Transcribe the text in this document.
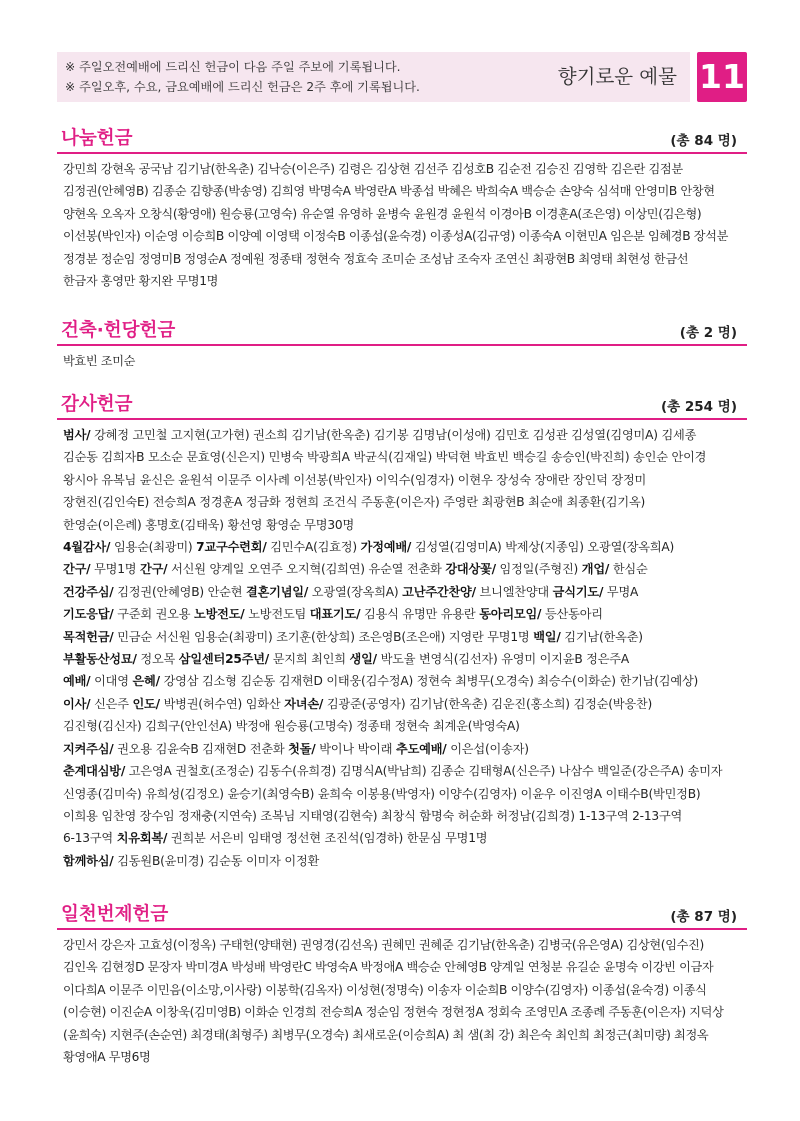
※ 주일오전예배에 드리신 헌금이 다음 주일 주보에 기록됩니다.
※ 주일오후, 수요, 금요예배에 드리신 헌금은 2주 후에 기록됩니다.	향기로운 예물 11
나눔헌금	(총 84 명)
강민희 강현옥 공국남 김기남(한옥춘) 김낙승(이은주) 김령은 김상현 김선주 김성호B 김순전 김승진 김영학 김은란 김점분
김정권(안혜영B) 김종순 김향종(박송영) 김희영 박명숙A 박영란A 박종섭 박혜은 박희숙A 백승순 손양숙 심석매 안영미B 안창현
양현옥 오옥자 오창식(황영애) 원승룡(고영숙) 유순열 유영하 윤병숙 윤원경 윤원석 이경아B 이경훈A(조은영) 이상민(김은형)
이선봉(박인자) 이순영 이승희B 이양예 이영택 이정숙B 이종섭(윤숙경) 이종성A(김규영) 이종숙A 이현민A 임은분 임혜경B 장석분
정경분 정순임 정영미B 정영순A 정예원 정종태 정현숙 정효숙 조미순 조성남 조숙자 조연신 최광현B 최영태 최현성 한금선
한금자 홍영만 황지완 무명1명
건축·헌당헌금	(총 2 명)
박효빈 조미순
감사헌금	(총 254 명)
범사/ 강혜정 고민철 고지현(고가현) 권소희 김기남(한옥춘) 김기봉 김명남(이성애) 김민호 김성관 김성열(김영미A) 김세종
김순동 김희자B 모소순 문효영(신은지) 민병숙 박광희A 박균식(김재일) 박덕현 박효빈 백승길 송승인(박진희) 송인순 안이경
왕시아 유복님 윤신은 윤원석 이문주 이사례 이선봉(박인자) 이익수(임경자) 이현우 장성숙 장애란 장인덕 장정미
장현진(김인숙E) 전승희A 정경훈A 정금화 정현희 조건식 주동훈(이은자) 주영란 최광현B 최순애 최종환(김기옥)
한영순(이은례) 홍명호(김태욱) 황선영 황영순 무명30명
4월감사/ 임용순(최광미) 7교구수련회/ 김민수A(김효정) 가정예배/ 김성열(김영미A) 박제상(지종임) 오광열(장옥희A)
간구/ 무명1명 간구/ 서신원 양계일 오연주 오지혁(김희연) 유순열 전춘화 강대상꽃/ 임정일(주형진) 개업/ 한심순
건강주심/ 김정권(안혜영B) 안순현 결혼기념일/ 오광열(장옥희A) 고난주간찬양/ 브니엘찬양대 금식기도/ 무명A
기도응답/ 구준회 권오용 노방전도/ 노방전도팀 대표기도/ 김용식 유명만 유용란 동아리모임/ 등산동아리
목적헌금/ 민금순 서신원 임용순(최광미) 조기훈(한상희) 조은영B(조은애) 지영란 무명1명 백일/ 김기남(한옥춘)
부활동산성묘/ 정오목 삼일센터25주년/ 문지희 최인희 생일/ 박도율 변영식(김선자) 유영미 이지윤B 정은주A
예배/ 이대영 은혜/ 강영삼 김소형 김순동 김재현D 이태웅(김수정A) 정현숙 최병무(오경숙) 최승수(이화순) 한기남(김예상)
이사/ 신은주 인도/ 박병권(허수연) 임화산 자녀손/ 김광준(공영자) 김기남(한옥춘) 김운진(홍소희) 김정순(박응찬)
김진형(김신자) 김희구(안인선A) 박정애 원승룡(고명숙) 정종태 정현숙 최계운(박영숙A)
지켜주심/ 권오용 김윤숙B 김재현D 전춘화 첫돌/ 박이나 박이래 추도예배/ 이은섭(이송자)
춘계대심방/ 고은영A 권철호(조정순) 김동수(유희경) 김명식A(박남희) 김종순 김태형A(신은주) 나삼수 백일준(강은주A) 송미자
신영종(김미숙) 유희성(김정오) 윤승기(최영숙B) 윤희숙 이봉용(박영자) 이양수(김영자) 이윤우 이진영A 이태수B(박민정B)
이희용 임찬영 장수임 정재충(지연숙) 조복님 지태영(김현숙) 최창식 함명숙 허순화 허정남(김희경) 1-13구역 2-13구역
6-13구역 치유회복/ 권희분 서은비 임태영 정선현 조진석(임경하) 한문심 무명1명
함께하심/ 김동원B(윤미경) 김순동 이미자 이정환
일천번제헌금	(총 87 명)
강민서 강은자 고효성(이정옥) 구태헌(양태현) 권영경(김선옥) 권혜민 권혜준 김기남(한옥춘) 김병국(유은영A) 김상현(임수진)
김인옥 김현정D 문장자 박미경A 박성배 박영란C 박영숙A 박정애A 백승순 안혜영B 양계일 연청분 유길순 윤명숙 이강빈 이금자
이다희A 이문주 이민음(이소망,이사랑) 이봉학(김옥자) 이성현(정명숙) 이송자 이순희B 이양수(김영자) 이종섭(윤숙경) 이종식
(이승현) 이진순A 이창욱(김미영B) 이화순 인경희 전승희A 정순임 정현숙 정현정A 정회숙 조영민A 조종례 주동훈(이은자) 지덕상
(윤희숙) 지현주(손순연) 최경태(최형주) 최병무(오경숙) 최새로운(이승희A) 최 샘(최 강) 최은숙 최인희 최정근(최미량) 최정옥
황영애A 무명6명
